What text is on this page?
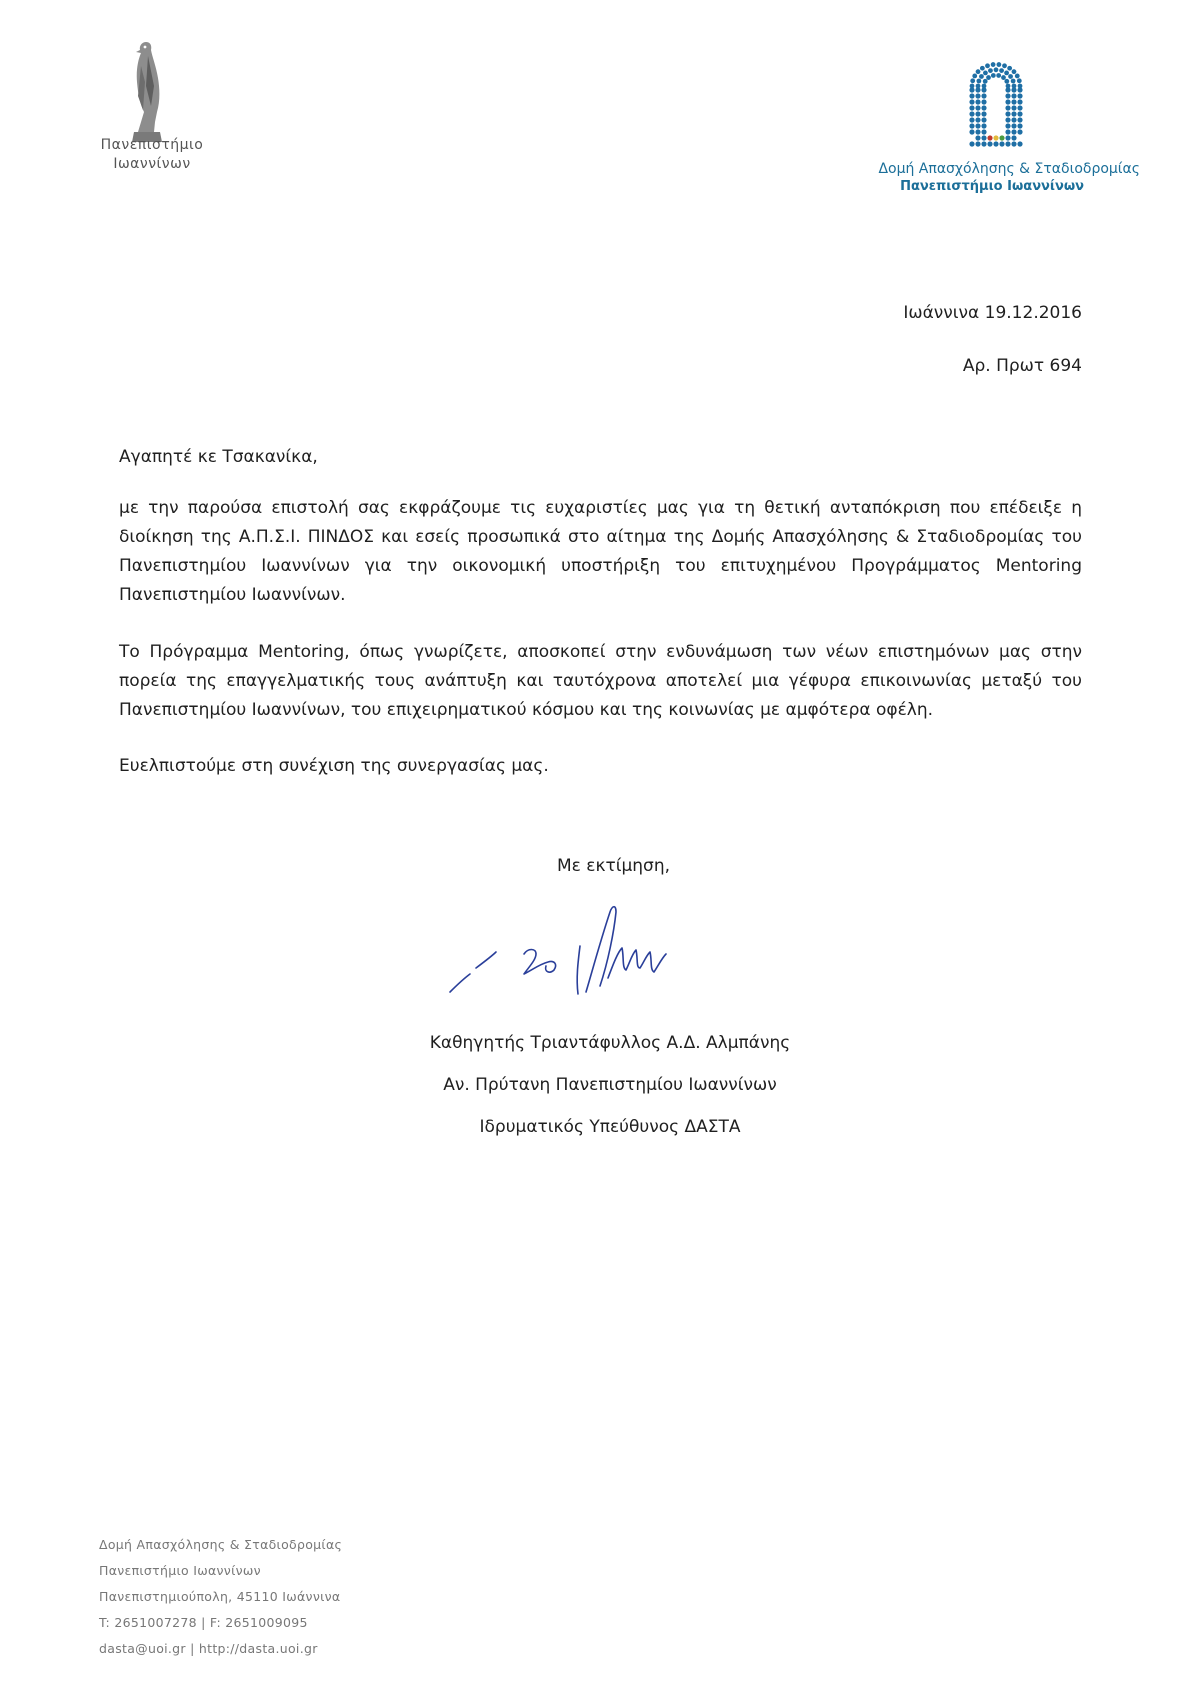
Πανεπιστήμιο
Ιωαννίνων	Δομή Απασχόλησης & Σταδιοδρομίας
Πανεπιστήμιο Ιωαννίνων
Ιωάννινα 19.12.2016
Αρ. Πρωτ 694
Αγαπητέ κε Τσακανίκα,
με την παρούσα επιστολή σας εκφράζουμε τις ευχαριστίες μας για τη θετική ανταπόκριση που επέδειξε η διοίκηση της Α.Π.Σ.Ι. ΠΙΝΔΟΣ και εσείς προσωπικά στο αίτημα της Δομής Απασχόλησης & Σταδιοδρομίας του Πανεπιστημίου Ιωαννίνων για την οικονομική υποστήριξη του επιτυχημένου Προγράμματος Mentoring Πανεπιστημίου Ιωαννίνων.
Το Πρόγραμμα Mentoring, όπως γνωρίζετε, αποσκοπεί στην ενδυνάμωση των νέων επιστημόνων μας στην πορεία της επαγγελματικής τους ανάπτυξη και ταυτόχρονα αποτελεί μια γέφυρα επικοινωνίας μεταξύ του Πανεπιστημίου Ιωαννίνων, του επιχειρηματικού κόσμου και της κοινωνίας με αμφότερα οφέλη.
Ευελπιστούμε στη συνέχιση της συνεργασίας μας.
Με εκτίμηση,
Καθηγητής Τριαντάφυλλος Α.Δ. Αλμπάνης
Αν. Πρύτανη Πανεπιστημίου Ιωαννίνων
Ιδρυματικός Υπεύθυνος ΔΑΣΤΑ
Δομή Απασχόλησης & Σταδιοδρομίας
Πανεπιστήμιο Ιωαννίνων
Πανεπιστημιούπολη, 45110 Ιωάννινα
T: 2651007278 | F: 2651009095
dasta@uoi.gr | http://dasta.uoi.gr
